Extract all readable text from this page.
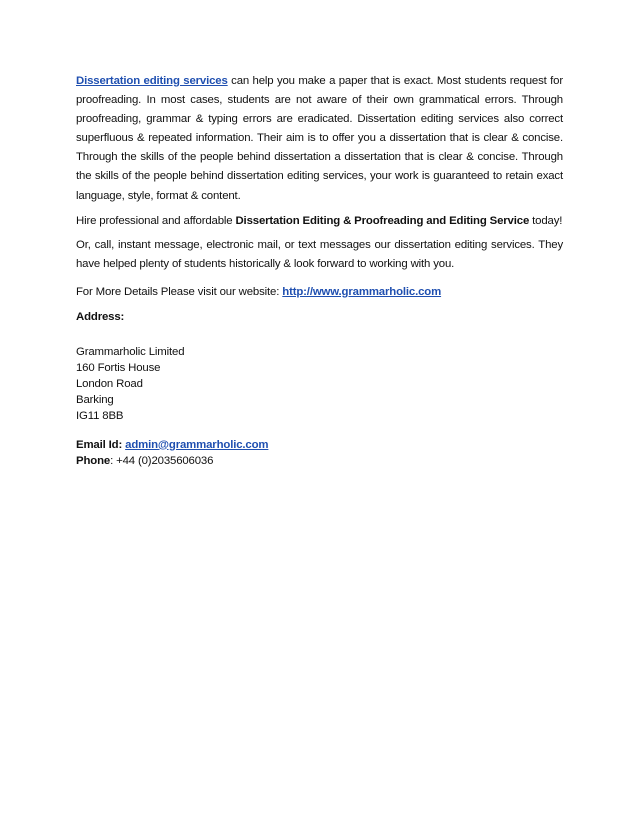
Dissertation editing services can help you make a paper that is exact. Most students request for proofreading. In most cases, students are not aware of their own grammatical errors. Through proofreading, grammar & typing errors are eradicated. Dissertation editing services also correct superfluous & repeated information. Their aim is to offer you a dissertation that is clear & concise. Through the skills of the people behind dissertation a dissertation that is clear & concise. Through the skills of the people behind dissertation editing services, your work is guaranteed to retain exact language, style, format & content.

Hire professional and affordable Dissertation Editing & Proofreading and Editing Service today!

Or, call, instant message, electronic mail, or text messages our dissertation editing services. They have helped plenty of students historically & look forward to working with you.

For More Details Please visit our website: http://www.grammarholic.com

Address:

Grammarholic Limited
160 Fortis House
London Road
Barking
IG11 8BB
Email Id: admin@grammarholic.com
Phone: +44 (0)2035606036
